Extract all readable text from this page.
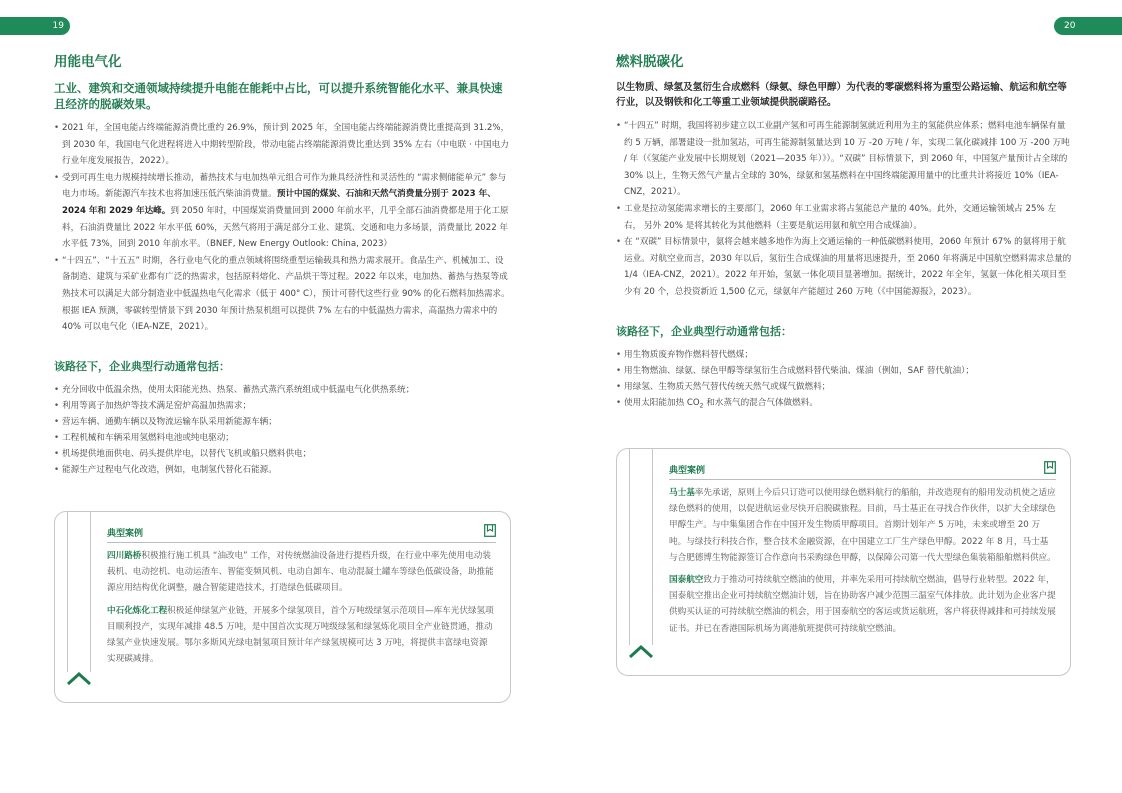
19	20
用能电气化
工业、建筑和交通领域持续提升电能在能耗中占比，可以提升系统智能化水平、兼具快速且经济的脱碳效果。
• 2021 年，全国电能占终端能源消费比重约 26.9%，预计到 2025 年，全国电能占终端能源消费比重提高到 31.2%，到 2030 年，我国电气化进程将进入中期转型阶段，带动电能占终端能源消费比重达到 35% 左右（中电联 · 中国电力行业年度发展报告，2022）。
• 受到可再生电力规模持续增长推动，蓄热技术与电加热单元组合可作为兼具经济性和灵活性的 “需求侧储能单元” 参与电力市场。新能源汽车技术也将加速压低汽柴油消费量。预计中国的煤炭、石油和天然气消费量分别于 2023 年、2024 年和 2029 年达峰。到 2050 年时，中国煤炭消费量回到 2000 年前水平，几乎全部石油消费都是用于化工原料，石油消费量比 2022 年水平低 60%，天然气将用于满足部分工业、建筑、交通和电力多场景，消费量比 2022 年水平低 73%，回到 2010 年前水平。（BNEF, New Energy Outlook: China, 2023）
• “十四五”、“十五五” 时期，各行业电气化的重点领域将围绕重型运输载具和热力需求展开。食品生产、机械加工、设备制造、建筑与采矿业都有广泛的热需求，包括原料熔化、产品烘干等过程。2022 年以来，电加热、蓄热与热泵等成熟技术可以满足大部分制造业中低温热电气化需求（低于 400° C），预计可替代这些行业 90% 的化石燃料加热需求。根据 IEA 预测，零碳转型情景下到 2030 年预计热泵机组可以提供 7% 左右的中低温热力需求，高温热力需求中的 40% 可以电气化（IEA-NZE，2021）。
该路径下，企业典型行动通常包括：
• 充分回收中低温余热，使用太阳能光热、热泵、蓄热式蒸汽系统组成中低温电气化供热系统；
• 利用等离子加热炉等技术满足窑炉高温加热需求；
• 营运车辆、通勤车辆以及物流运输车队采用新能源车辆；
• 工程机械和车辆采用氢燃料电池或纯电驱动；
• 机场提供地面供电、码头提供岸电，以替代飞机或船只燃料供电；
• 能源生产过程电气化改造，例如，电制氢代替化石能源。
典型案例

四川路桥积极推行施工机具 “油改电” 工作，对传统燃油设备进行提档升级，在行业中率先使用电动装载机、电动挖机、电动运渣车、智能变频风机、电动自卸车、电动混凝土罐车等绿色低碳设备，助推能源应用结构优化调整，融合智能建造技术，打造绿色低碳项目。

中石化炼化工程积极延伸绿氢产业链，开展多个绿氢项目，首个万吨级绿氢示范项目—库车光伏绿氢项目顺利投产，实现年减排 48.5 万吨，是中国首次实现万吨级绿氢和绿氢炼化项目全产业链贯通，推动绿氢产业快速发展。鄂尔多斯风光绿电制氢项目预计年产绿氢规模可达 3 万吨，将提供丰富绿电资源实现碳减排。

燃料脱碳化
以生物质、绿氢及氢衍生合成燃料（绿氨、绿色甲醇）为代表的零碳燃料将为重型公路运输、航运和航空等行业，以及钢铁和化工等重工业领域提供脱碳路径。
• “十四五” 时期，我国将初步建立以工业副产氢和可再生能源制氢就近利用为主的氢能供应体系；燃料电池车辆保有量约 5 万辆，部署建设一批加氢站，可再生能源制氢量达到 10 万 -20 万吨 / 年，实现二氧化碳减排 100 万 -200 万吨 / 年（《氢能产业发展中长期规划（2021—2035 年）》）。“双碳” 目标情景下，到 2060 年，中国氢产量预计占全球的 30% 以上，生物天然气产量占全球的 30%，绿氨和氢基燃料在中国终端能源用量中的比重共计将接近 10%（IEA-CNZ，2021）。
• 工业是拉动氢能需求增长的主要部门，2060 年工业需求将占氢能总产量的 40%。此外，交通运输领域占 25% 左右， 另外 20% 是将其转化为其他燃料（主要是航运用氨和航空用合成煤油）。
• 在 “双碳” 目标情景中，氨将会越来越多地作为海上交通运输的一种低碳燃料使用，2060 年预计 67% 的氨将用于航运业。对航空业而言，2030 年以后，氢衍生合成煤油的用量将迅速提升，至 2060 年将满足中国航空燃料需求总量的 1/4（IEA-CNZ，2021）。2022 年开始，氢氨一体化项目显著增加。据统计，2022 年全年，氢氨一体化相关项目至少有 20 个，总投资新近 1,500 亿元，绿氨年产能超过 260 万吨（《中国能源报》，2023）。
该路径下，企业典型行动通常包括：
• 用生物质废弃物作燃料替代燃煤；
• 用生物燃油、绿氨、绿色甲醇等绿氢衍生合成燃料替代柴油、煤油（例如，SAF 替代航油）；
• 用绿氢、生物质天然气替代传统天然气或煤气做燃料；
• 使用太阳能加热 $CO_2$ 和水蒸气的混合气体做燃料。
典型案例

马士基率先承诺，原则上今后只订造可以使用绿色燃料航行的船舶，并改造现有的船用发动机使之适应绿色燃料的使用，以促进航运业尽快开启脱碳旅程。目前，马士基正在寻找合作伙伴，以扩大全球绿色甲醇生产。与中集集团合作在中国开发生物质甲醇项目。首期计划年产 5 万吨，未来或增至 20 万吨。与绿技行科技合作，整合技术金融资源，在中国建立工厂生产绿色甲醇。2022 年 8 月，马士基与合肥德博生物能源签订合作意向书采购绿色甲醇，以保障公司第一代大型绿色集装箱船舶燃料供应。

国泰航空致力于推动可持续航空燃油的使用，并率先采用可持续航空燃油，倡导行业转型。2022 年，国泰航空推出企业可持续航空燃油计划，旨在协助客户减少范围三温室气体排放。此计划为企业客户提供购买认证的可持续航空燃油的机会，用于国泰航空的客运或货运航班，客户将获得减排和可持续发展证书。并已在香港国际机场为离港航班提供可持续航空燃油。
